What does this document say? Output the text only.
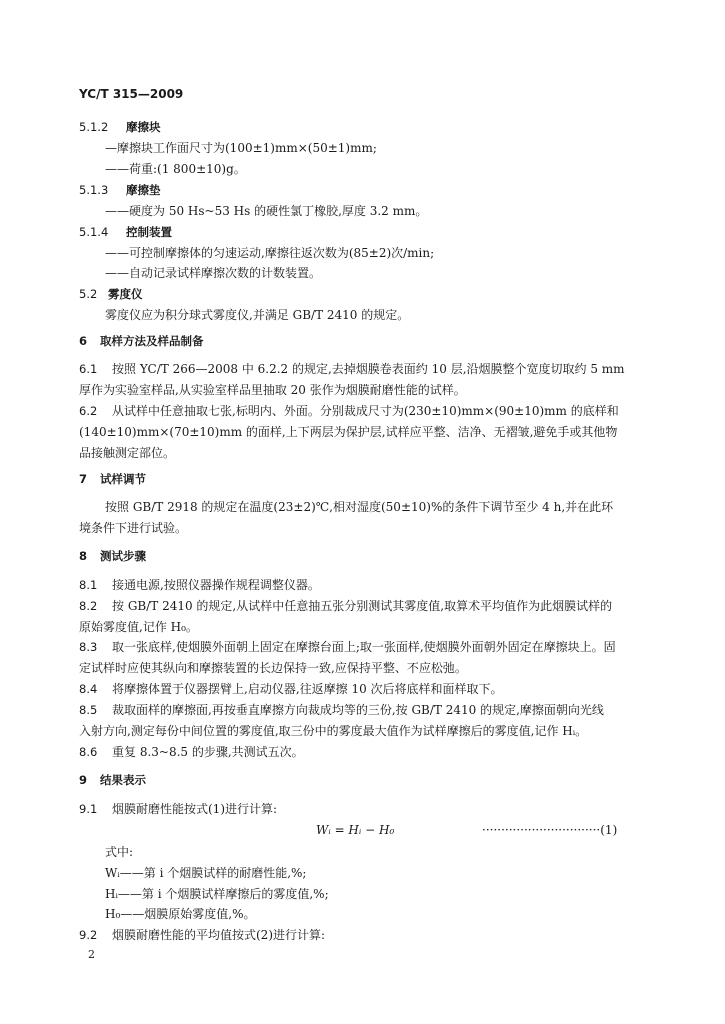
YC/T 315—2009
5.1.2 摩擦块
—摩擦块工作面尺寸为(100±1)mm×(50±1)mm;
——荷重:(1 800±10)g。
5.1.3 摩擦垫
——硬度为 50 Hs~53 Hs 的硬性氯丁橡胶,厚度 3.2 mm。
5.1.4 控制装置
——可控制摩擦体的匀速运动,摩擦往返次数为(85±2)次/min;
——自动记录试样摩擦次数的计数装置。
5.2 雾度仪
雾度仪应为积分球式雾度仪,并满足 GB/T 2410 的规定。
6 取样方法及样品制备
6.1 按照 YC/T 266—2008 中 6.2.2 的规定,去掉烟膜卷表面约 10 层,沿烟膜整个宽度切取约 5 mm
厚作为实验室样品,从实验室样品里抽取 20 张作为烟膜耐磨性能的试样。
6.2 从试样中任意抽取七张,标明内、外面。分别裁成尺寸为(230±10)mm×(90±10)mm 的底样和
(140±10)mm×(70±10)mm 的面样,上下两层为保护层,试样应平整、洁净、无褶皱,避免手或其他物
品接触测定部位。
7 试样调节
按照 GB/T 2918 的规定在温度(23±2)℃,相对湿度(50±10)%的条件下调节至少 4 h,并在此环
境条件下进行试验。
8 测试步骤
8.1 接通电源,按照仪器操作规程调整仪器。
8.2 按 GB/T 2410 的规定,从试样中任意抽五张分别测试其雾度值,取算术平均值作为此烟膜试样的
原始雾度值,记作 H₀。
8.3 取一张底样,使烟膜外面朝上固定在摩擦台面上;取一张面样,使烟膜外面朝外固定在摩擦块上。固
定试样时应使其纵向和摩擦装置的长边保持一致,应保持平整、不应松弛。
8.4 将摩擦体置于仪器摆臂上,启动仪器,往返摩擦 10 次后将底样和面样取下。
8.5 裁取面样的摩擦面,再按垂直摩擦方向裁成均等的三份,按 GB/T 2410 的规定,摩擦面朝向光线
入射方向,测定每份中间位置的雾度值,取三份中的雾度最大值作为试样摩擦后的雾度值,记作 Hᵢ。
8.6 重复 8.3~8.5 的步骤,共测试五次。
9 结果表示
9.1 烟膜耐磨性能按式(1)进行计算:
Wᵢ = Hᵢ − H₀	·······························(1)
式中:
Wᵢ——第 i 个烟膜试样的耐磨性能,%;
Hᵢ——第 i 个烟膜试样摩擦后的雾度值,%;
H₀——烟膜原始雾度值,%。
9.2 烟膜耐磨性能的平均值按式(2)进行计算:
2
